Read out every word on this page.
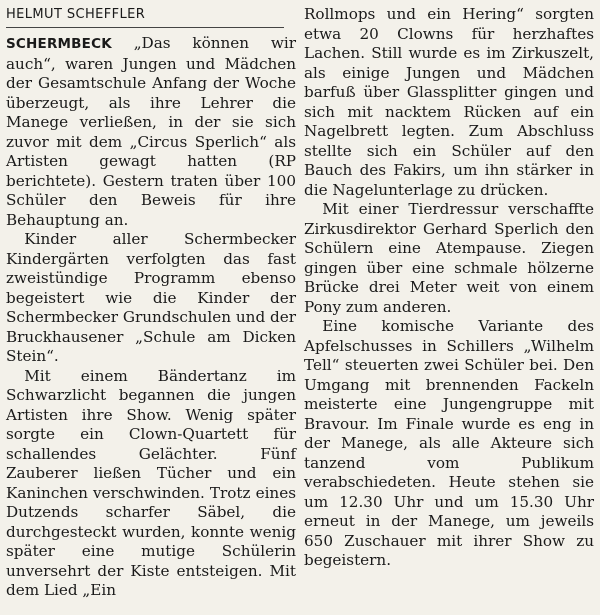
HELMUT SCHEFFLER

SCHERMBECK „Das können wir auch“, waren Jungen und Mädchen der Gesamtschule Anfang der Woche überzeugt, als ihre Lehrer die Manege verließen, in der sie sich zuvor mit dem „Circus Sperlich“ als Artisten gewagt hatten (RP berichtete). Gestern traten über 100 Schüler den Beweis für ihre Behauptung an.

Kinder aller Schermbecker Kindergärten verfolgten das fast zweistündige Programm ebenso begeistert wie die Kinder der Schermbecker Grundschulen und der Bruckhausener „Schule am Dicken Stein“.

Mit einem Bändertanz im Schwarzlicht begannen die jungen Artisten ihre Show. Wenig später sorgte ein Clown-Quartett für schallendes Gelächter. Fünf Zauberer ließen Tücher und ein Kaninchen verschwinden. Trotz eines Dutzends scharfer Säbel, die durchgesteckt wurden, konnte wenig später eine mutige Schülerin unversehrt der Kiste entsteigen. Mit dem Lied „Ein

Rollmops und ein Hering“ sorgten etwa 20 Clowns für herzhaftes Lachen. Still wurde es im Zirkuszelt, als einige Jungen und Mädchen barfuß über Glassplitter gingen und sich mit nacktem Rücken auf ein Nagelbrett legten. Zum Abschluss stellte sich ein Schüler auf den Bauch des Fakirs, um ihn stärker in die Nagelunterlage zu drücken.

Mit einer Tierdressur verschaffte Zirkusdirektor Gerhard Sperlich den Schülern eine Atempause. Ziegen gingen über eine schmale hölzerne Brücke drei Meter weit von einem Pony zum anderen.

Eine komische Variante des Apfelschusses in Schillers „Wilhelm Tell“ steuerten zwei Schüler bei. Den Umgang mit brennenden Fackeln meisterte eine Jungengruppe mit Bravour. Im Finale wurde es eng in der Manege, als alle Akteure sich tanzend vom Publikum verabschiedeten. Heute stehen sie um 12.30 Uhr und um 15.30 Uhr erneut in der Manege, um jeweils 650 Zuschauer mit ihrer Show zu begeistern.
